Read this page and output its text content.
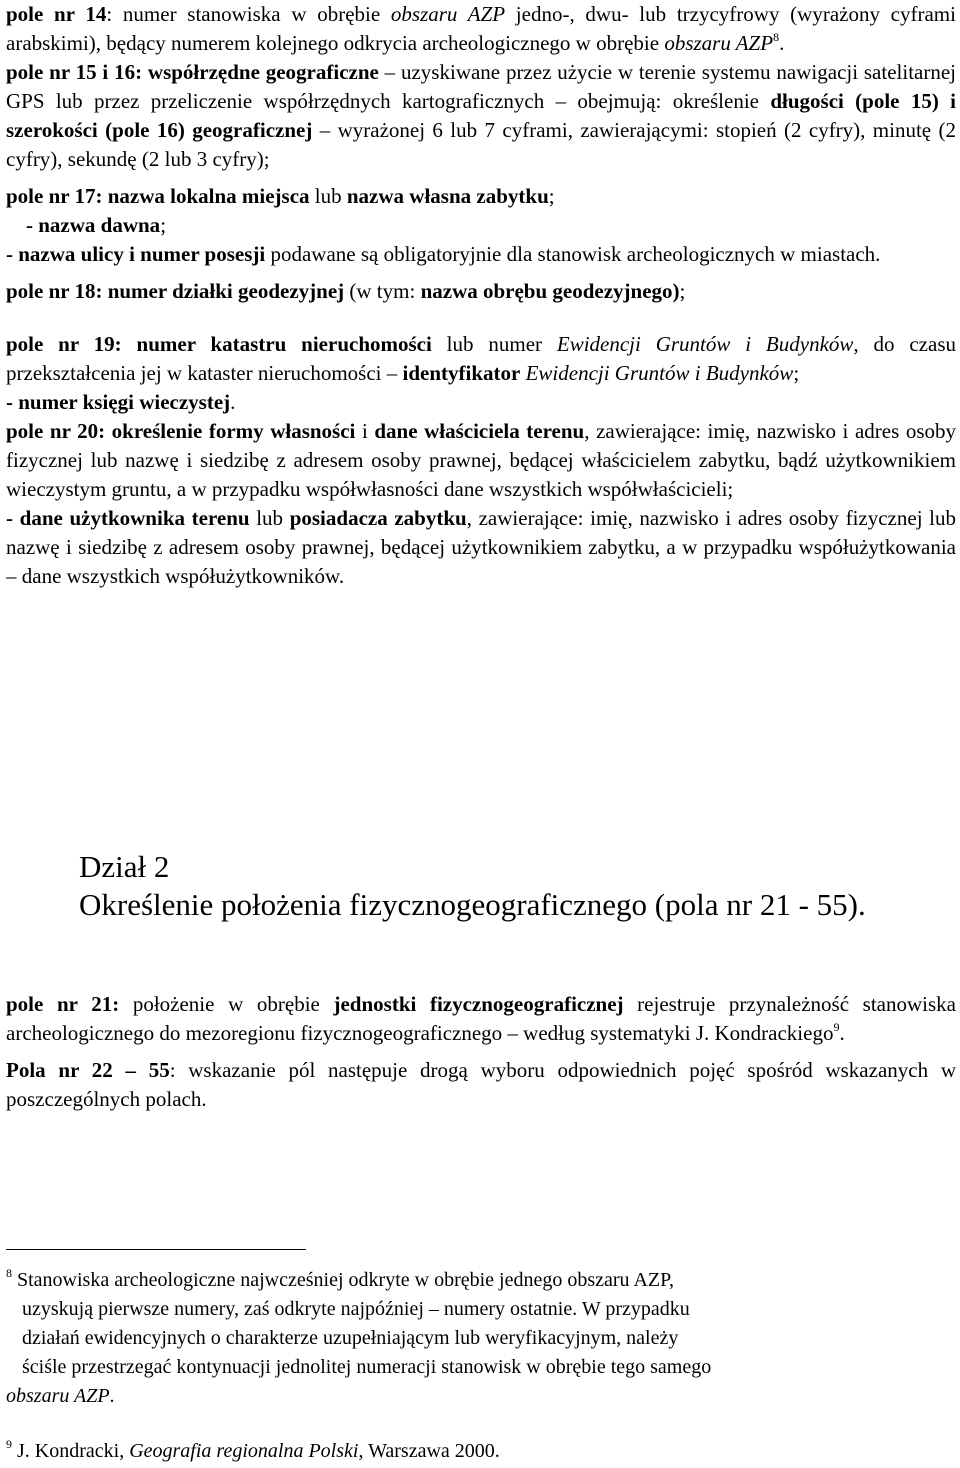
pole nr 14: numer stanowiska w obrębie obszaru AZP jedno-, dwu- lub trzycyfrowy (wyrażony cyframi arabskimi), będący numerem kolejnego odkrycia archeologicznego w obrębie obszaru AZP$^8$.

pole nr 15 i 16: współrzędne geograficzne – uzyskiwane przez użycie w terenie systemu nawigacji satelitarnej GPS lub przez przeliczenie współrzędnych kartograficznych – obejmują: określenie długości (pole 15) i szerokości (pole 16) geograficznej – wyrażonej 6 lub 7 cyframi, zawierającymi: stopień (2 cyfry), minutę (2 cyfry), sekundę (2 lub 3 cyfry);

pole nr 17: nazwa lokalna miejsca lub nazwa własna zabytku;

- nazwa dawna;

- nazwa ulicy i numer posesji podawane są obligatoryjnie dla stanowisk archeologicznych w miastach.

pole nr 18: numer działki geodezyjnej (w tym: nazwa obrębu geodezyjnego);

pole nr 19: numer katastru nieruchomości lub numer Ewidencji Gruntów i Budynków, do czasu przekształcenia jej w kataster nieruchomości – identyfikator Ewidencji Gruntów i Budynków;

- numer księgi wieczystej.

pole nr 20: określenie formy własności i dane właściciela terenu, zawierające: imię, nazwisko i adres osoby fizycznej lub nazwę i siedzibę z adresem osoby prawnej, będącej właścicielem zabytku, bądź użytkownikiem wieczystym gruntu, a w przypadku współwłasności dane wszystkich współwłaścicieli;

- dane użytkownika terenu lub posiadacza zabytku, zawierające: imię, nazwisko i adres osoby fizycznej lub nazwę i siedzibę z adresem osoby prawnej, będącej użytkownikiem zabytku, a w przypadku współużytkowania – dane wszystkich współużytkowników.

Dział 2

Określenie położenia fizycznogeograficznego (pola nr 21 - 55).

pole nr 21: położenie w obrębie jednostki fizycznogeograficznej rejestruje przynależność stanowiska archeologicznego do mezoregionu fizycznogeograficznego – według systematyki J. Kondrackiego$^9$.

Pola nr 22 – 55: wskazanie pól następuje drogą wyboru odpowiednich pojęć spośród wskazanych w poszczególnych polach.

$^8$ Stanowiska archeologiczne najwcześniej odkryte w obrębie jednego obszaru AZP,

uzyskują pierwsze numery, zaś odkryte najpóźniej – numery ostatnie. W przypadku

działań ewidencyjnych o charakterze uzupełniającym lub weryfikacyjnym, należy

ściśle przestrzegać kontynuacji jednolitej numeracji stanowisk w obrębie tego samego

obszaru AZP.

$^9$ J. Kondracki, Geografia regionalna Polski, Warszawa 2000.
